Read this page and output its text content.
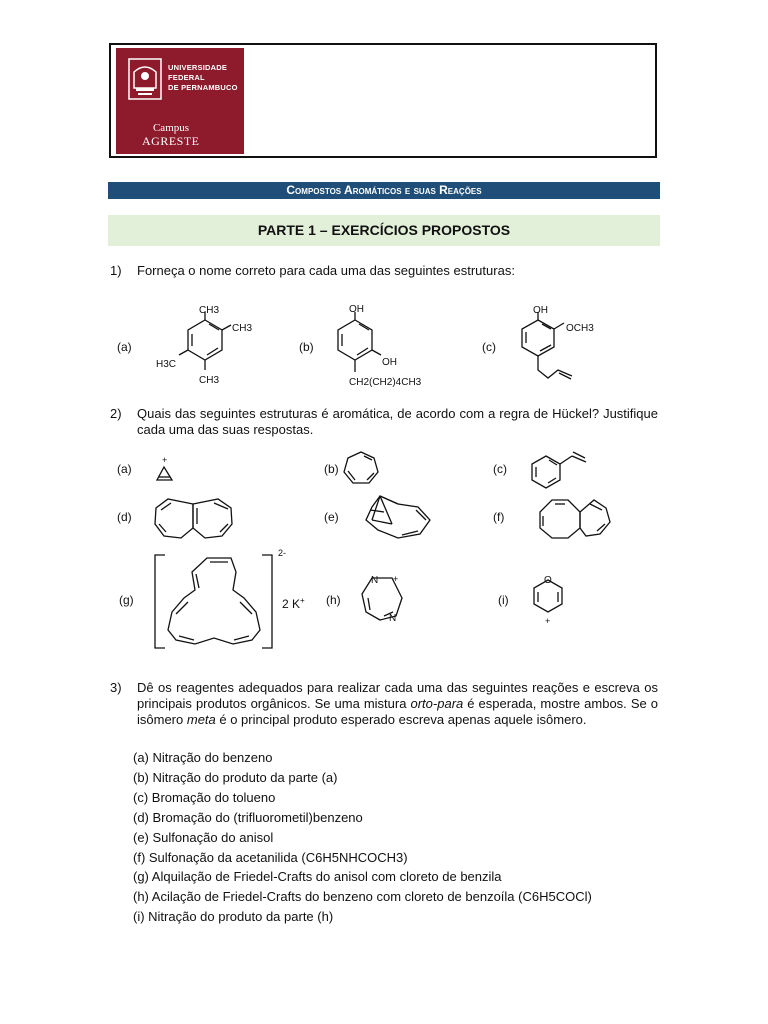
UNIVERSIDADE
FEDERAL
DE PERNAMBUCO
Campus
AGRESTE
Compostos Aromáticos e suas Reações
PARTE 1 – EXERCÍCIOS PROPOSTOS
1) Forneça o nome correto para cada uma das seguintes estruturas:
(a)	(b)	(c)
CH3
CH3
H3C
CH3
OH
OH
CH2(CH2)4CH3
OH
OCH3
N
N
O
+
+
+
2-
2 K+
2) Quais das seguintes estruturas é aromática, de acordo com a regra de Hückel? Justifique cada uma das suas respostas.
(a)	(b)	(c)
(d)	(e)	(f)
(g)	(h)	(i)
3) Dê os reagentes adequados para realizar cada uma das seguintes reações e escreva os principais produtos orgânicos. Se uma mistura orto-para é esperada, mostre ambos. Se o isômero meta é o principal produto esperado escreva apenas aquele isômero.
(a) Nitração do benzeno
(b) Nitração do produto da parte (a)
(c) Bromação do tolueno
(d) Bromação do (trifluorometil)benzeno
(e) Sulfonação do anisol
(f) Sulfonação da acetanilida (C6H5NHCOCH3)
(g) Alquilação de Friedel-Crafts do anisol com cloreto de benzila
(h) Acilação de Friedel-Crafts do benzeno com cloreto de benzoíla (C6H5COCl)
(i) Nitração do produto da parte (h)
